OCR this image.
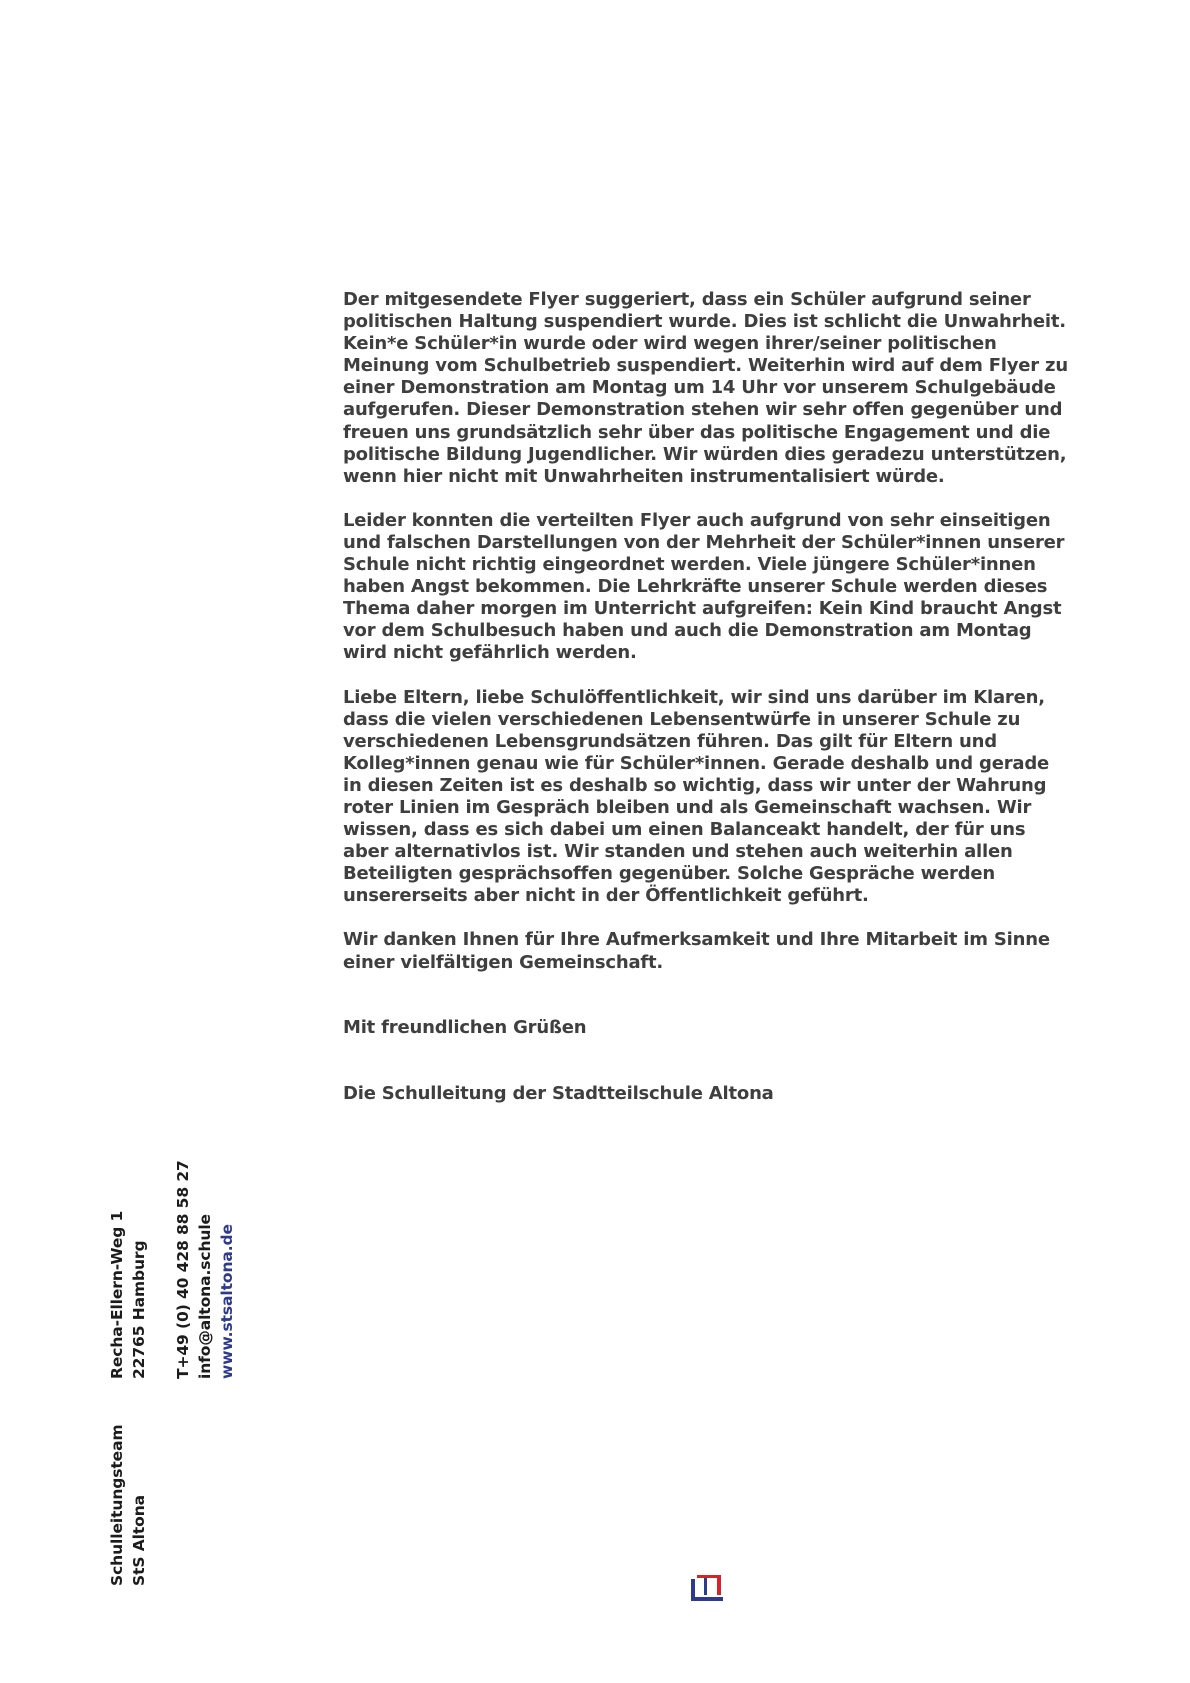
Der mitgesendete Flyer suggeriert, dass ein Schüler aufgrund seiner politischen Haltung suspendiert wurde. Dies ist schlicht die Unwahrheit. Kein*e Schüler*in wurde oder wird wegen ihrer/seiner politischen Meinung vom Schulbetrieb suspendiert. Weiterhin wird auf dem Flyer zu einer Demonstration am Montag um 14 Uhr vor unserem Schulgebäude aufgerufen. Dieser Demonstration stehen wir sehr offen gegenüber und freuen uns grundsätzlich sehr über das politische Engagement und die politische Bildung Jugendlicher. Wir würden dies geradezu unterstützen, wenn hier nicht mit Unwahrheiten instrumentalisiert würde.

Leider konnten die verteilten Flyer auch aufgrund von sehr einseitigen und falschen Darstellungen von der Mehrheit der Schüler*innen unserer Schule nicht richtig eingeordnet werden. Viele jüngere Schüler*innen haben Angst bekommen. Die Lehrkräfte unserer Schule werden dieses Thema daher morgen im Unterricht aufgreifen: Kein Kind braucht Angst vor dem Schulbesuch haben und auch die Demonstration am Montag wird nicht gefährlich werden.

Liebe Eltern, liebe Schulöffentlichkeit, wir sind uns darüber im Klaren, dass die vielen verschiedenen Lebensentwürfe in unserer Schule zu verschiedenen Lebensgrundsätzen führen. Das gilt für Eltern und Kolleg*innen genau wie für Schüler*innen. Gerade deshalb und gerade in diesen Zeiten ist es deshalb so wichtig, dass wir unter der Wahrung roter Linien im Gespräch bleiben und als Gemeinschaft wachsen. Wir wissen, dass es sich dabei um einen Balanceakt handelt, der für uns aber alternativlos ist. Wir standen und stehen auch weiterhin allen Beteiligten gesprächsoffen gegenüber. Solche Gespräche werden unsererseits aber nicht in der Öffentlichkeit geführt.

Wir danken Ihnen für Ihre Aufmerksamkeit und Ihre Mitarbeit im Sinne einer vielfältigen Gemeinschaft.

Mit freundlichen Grüßen
Die Schulleitung der Stadtteilschule Altona
Schulleitungsteam StS Altona
Recha-Ellern-Weg 1 22765 Hamburg T+49 (0) 40 428 88 58 27 info@altona.schule www.stsaltona.de
